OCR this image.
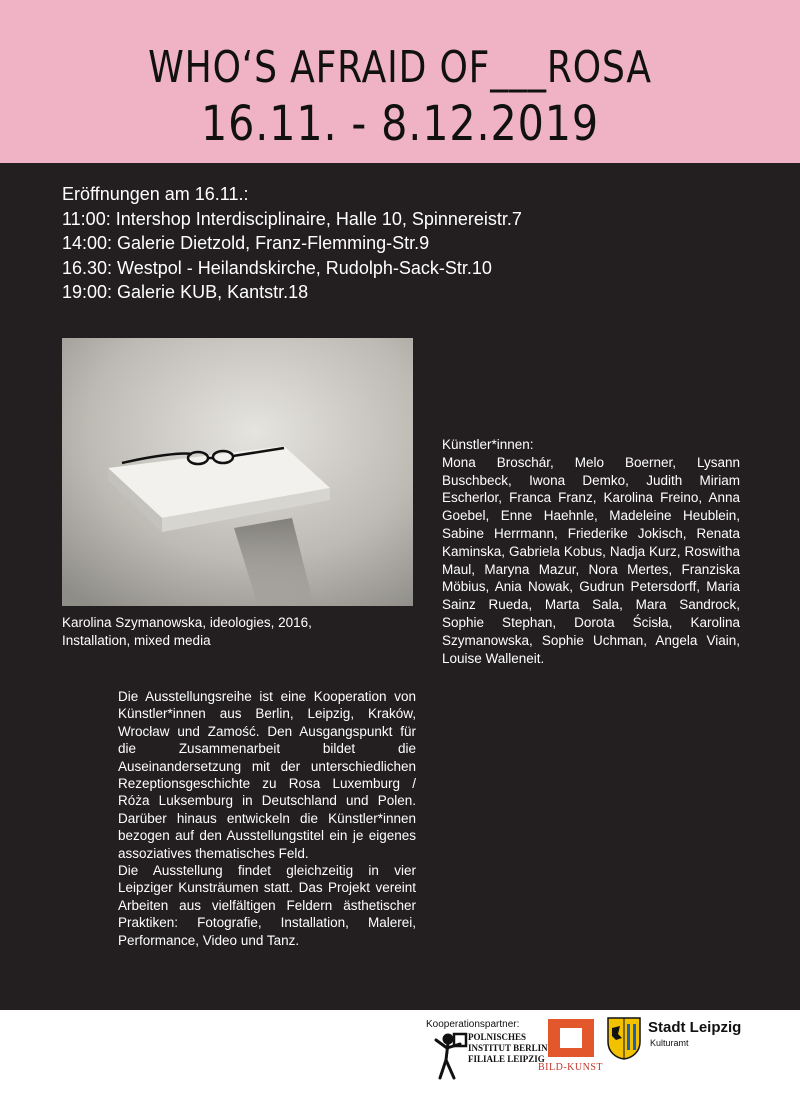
WHO‘S AFRAID OF___ROSA
16.11. - 8.12.2019
Eröffnungen am 16.11.:
11:00: Intershop Interdisciplinaire, Halle 10, Spinnereistr.7
14:00: Galerie Dietzold, Franz-Flemming-Str.9
16.30: Westpol - Heilandskirche, Rudolph-Sack-Str.10
19:00: Galerie KUB, Kantstr.18
Karolina Szymanowska, ideologies, 2016,
Installation, mixed media
Künstler*innen:
Mona Broschár, Melo Boerner, Lysann Buschbeck, Iwona Demko, Judith Miriam Escherlor, Franca Franz, Karolina Freino, Anna Goebel, Enne Haehnle, Madeleine Heublein, Sabine Herrmann, Friederike Jokisch, Renata Kaminska, Gabriela Kobus, Nadja Kurz, Roswitha Maul, Maryna Mazur, Nora Mertes, Franziska Möbius, Ania Nowak, Gudrun Petersdorff, Maria Sainz Rueda, Marta Sala, Mara Sandrock, Sophie Stephan, Dorota Ścisła, Karolina Szymanowska, Sophie Uchman, Angela Viain, Louise Walleneit.

Die Ausstellungsreihe ist eine Kooperation von Künstler*innen aus Berlin, Leipzig, Kraków, Wrocław und Zamość. Den Ausgangspunkt für die Zusammenarbeit bildet die Auseinandersetzung mit der unterschiedlichen Rezeptionsgeschichte zu Rosa Luxemburg / Róża Luksemburg in Deutschland und Polen. Darüber hinaus entwickeln die Künstler*innen bezogen auf den Ausstellungstitel ein je eigenes assoziatives thematisches Feld.

Die Ausstellung findet gleichzeitig in vier Leipziger Kunsträumen statt. Das Projekt vereint Arbeiten aus vielfältigen Feldern ästhetischer Praktiken: Fotografie, Installation, Malerei, Performance, Video und Tanz.

Kooperationspartner:
POLNISCHES
INSTITUT BERLIN
FILIALE LEIPZIG
BILD-KUNST
Stadt Leipzig
Kulturamt
